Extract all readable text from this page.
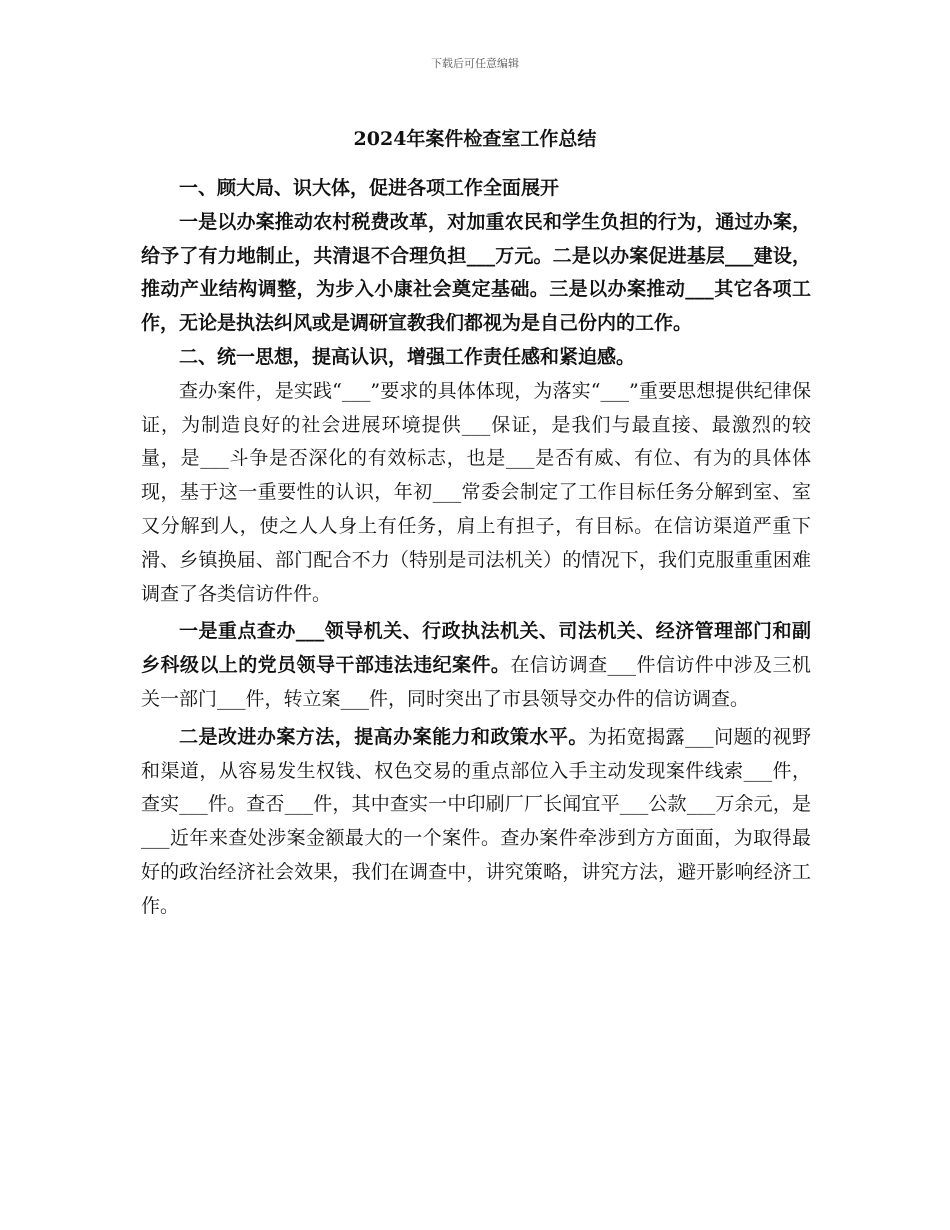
下载后可任意编辑
2024年案件检查室工作总结

一、顾大局、识大体，促进各项工作全面展开

一是以办案推动农村税费改革，对加重农民和学生负担的行为，通过办案，给予了有力地制止，共清退不合理负担___万元。二是以办案促进基层___建设，推动产业结构调整，为步入小康社会奠定基础。三是以办案推动___其它各项工作，无论是执法纠风或是调研宣教我们都视为是自己份内的工作。

二、统一思想，提高认识，增强工作责任感和紧迫感。

查办案件，是实践“___”要求的具体体现，为落实“___”重要思想提供纪律保证，为制造良好的社会进展环境提供___保证，是我们与最直接、最激烈的较量，是___斗争是否深化的有效标志，也是___是否有威、有位、有为的具体体现，基于这一重要性的认识，年初___常委会制定了工作目标任务分解到室、室又分解到人，使之人人身上有任务，肩上有担子，有目标。在信访渠道严重下滑、乡镇换届、部门配合不力（特别是司法机关）的情况下，我们克服重重困难调查了各类信访件件。

一是重点查办___领导机关、行政执法机关、司法机关、经济管理部门和副乡科级以上的党员领导干部违法违纪案件。在信访调查___件信访件中涉及三机关一部门___件，转立案___件，同时突出了市县领导交办件的信访调查。

二是改进办案方法，提高办案能力和政策水平。为拓宽揭露___问题的视野和渠道，从容易发生权钱、权色交易的重点部位入手主动发现案件线索___件，查实___件。查否___件，其中查实一中印刷厂厂长闻宜平___公款___万余元，是___近年来查处涉案金额最大的一个案件。查办案件牵涉到方方面面，为取得最好的政治经济社会效果，我们在调查中，讲究策略，讲究方法，避开影响经济工作。
